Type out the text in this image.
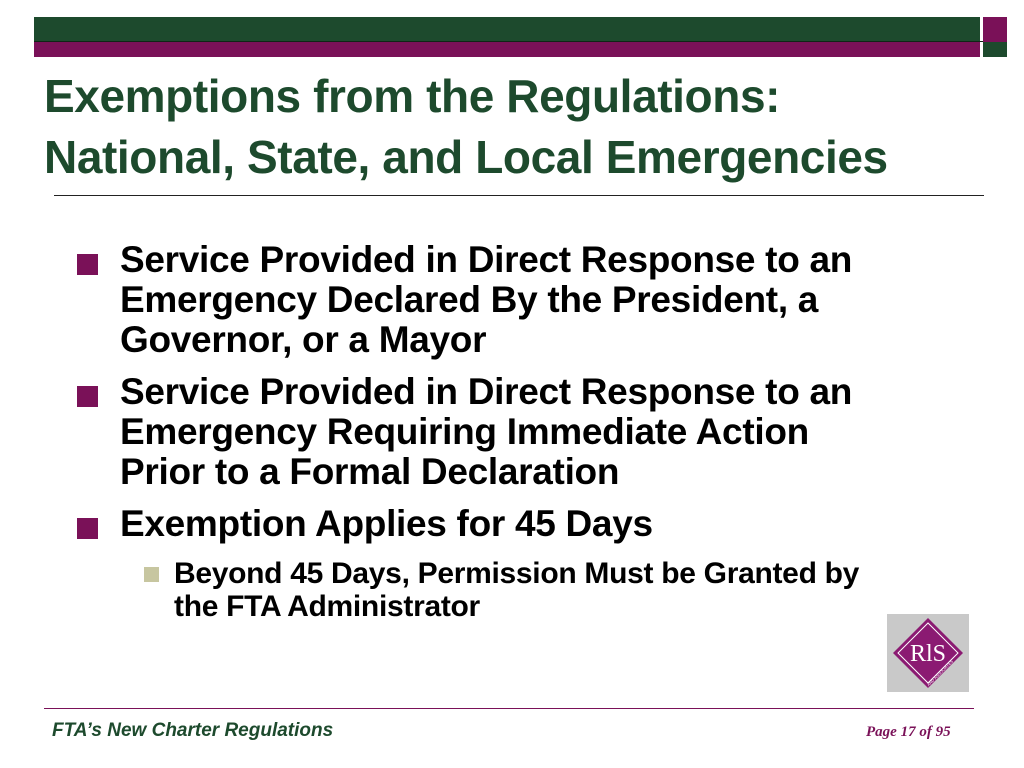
Exemptions from the Regulations:
National, State, and Local Emergencies
Service Provided in Direct Response to an
Emergency Declared By the President, a
Governor, or a Mayor
Service Provided in Direct Response to an
Emergency Requiring Immediate Action
Prior to a Formal Declaration
Exemption Applies for 45 Days
Beyond 45 Days, Permission Must be Granted by
the FTA Administrator
RlS
AND ASSOCIATES
FTA’s New Charter Regulations	Page 17 of 95
